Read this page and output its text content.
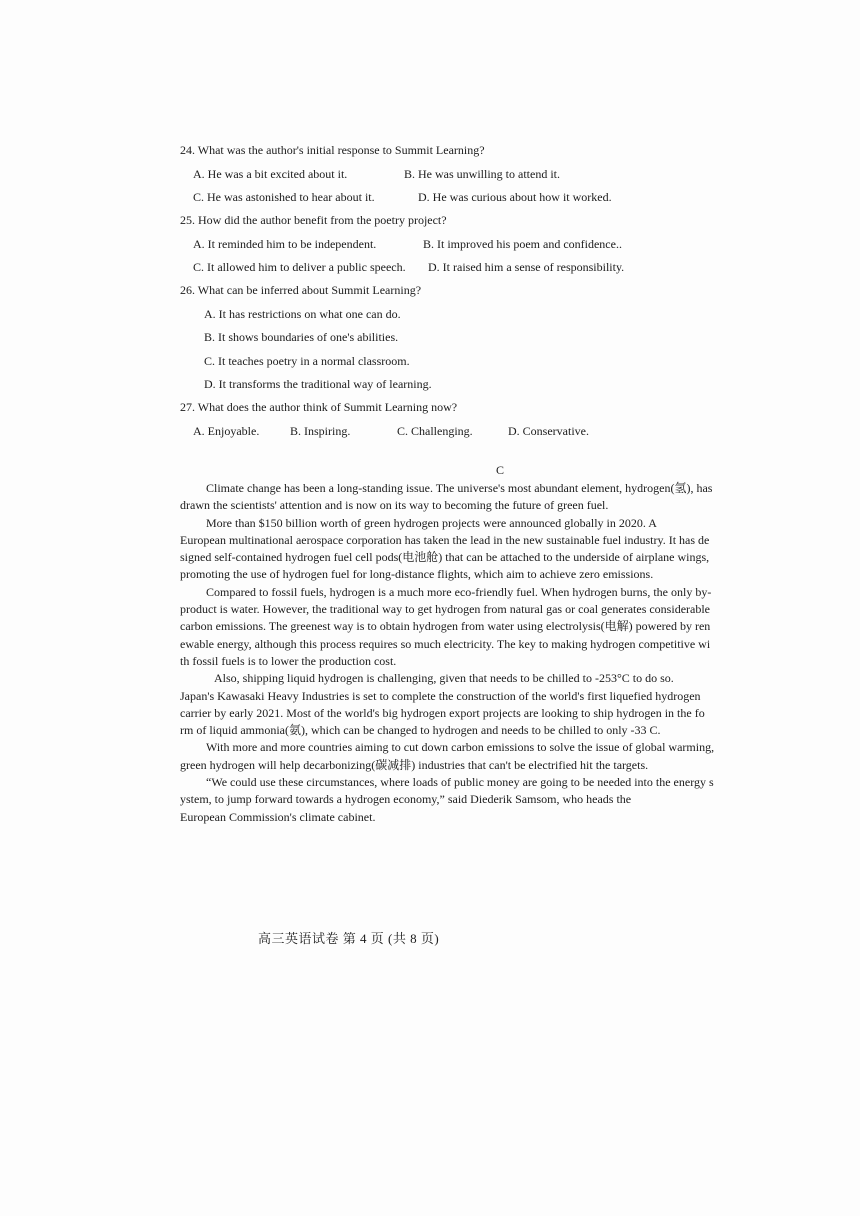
24. What was the author's initial response to Summit Learning?
A. He was a bit excited about it.	B. He was unwilling to attend it.
C. He was astonished to hear about it.	D. He was curious about how it worked.
25. How did the author benefit from the poetry project?
A. It reminded him to be independent.	B. It improved his poem and confidence..
C. It allowed him to deliver a public speech. D. It raised him a sense of responsibility.
26. What can be inferred about Summit Learning?
A. It has restrictions on what one can do.
B. It shows boundaries of one's abilities.
C. It teaches poetry in a normal classroom.
D. It transforms the traditional way of learning.
27. What does the author think of Summit Learning now?
A. Enjoyable.	B. Inspiring.	C. Challenging.	D. Conservative.
C
Climate change has been a long-standing issue. The universe's most abundant element, hydrogen(氢), has
drawn the scientists' attention and is now on its way to becoming the future of green fuel.
More than $150 billion worth of green hydrogen projects were announced globally in 2020. A
European multinational aerospace corporation has taken the lead in the new sustainable fuel industry. It has de
signed self-contained hydrogen fuel cell pods(电池舱) that can be attached to the underside of airplane wings,
promoting the use of hydrogen fuel for long-distance flights, which aim to achieve zero emissions.
Compared to fossil fuels, hydrogen is a much more eco-friendly fuel. When hydrogen burns, the only by-
product is water. However, the traditional way to get hydrogen from natural gas or coal generates considerable
carbon emissions. The greenest way is to obtain hydrogen from water using electrolysis(电解) powered by ren
ewable energy, although this process requires so much electricity. The key to making hydrogen competitive wi
th fossil fuels is to lower the production cost.
Also, shipping liquid hydrogen is challenging, given that needs to be chilled to -253°C to do so.
Japan's Kawasaki Heavy Industries is set to complete the construction of the world's first liquefied hydrogen
carrier by early 2021. Most of the world's big hydrogen export projects are looking to ship hydrogen in the fo
rm of liquid ammonia(氨), which can be changed to hydrogen and needs to be chilled to only -33 C.
With more and more countries aiming to cut down carbon emissions to solve the issue of global warming,
green hydrogen will help decarbonizing(碳减排) industries that can't be electrified hit the targets.
“We could use these circumstances, where loads of public money are going to be needed into the energy s
ystem, to jump forward towards a hydrogen economy,” said Diederik Samsom, who heads the
European Commission's climate cabinet.
高三英语试卷 第 4 页 (共 8 页)
